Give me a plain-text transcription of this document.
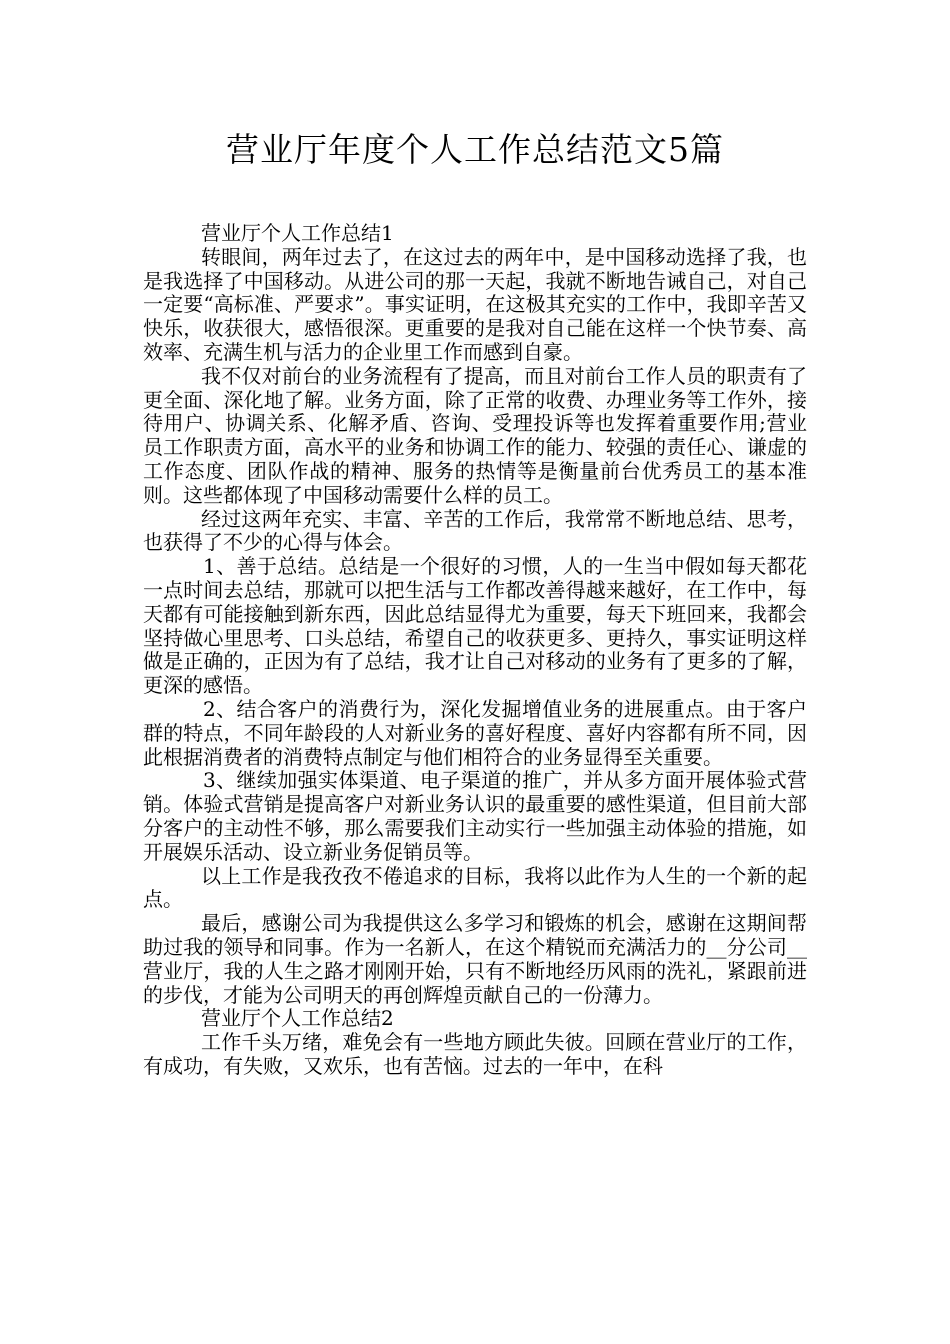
营业厅年度个人工作总结范文5篇

营业厅个人工作总结1

转眼间，两年过去了，在这过去的两年中，是中国移动选择了我，也是我选择了中国移动。从进公司的那一天起，我就不断地告诫自己，对自己一定要“高标准、严要求”。事实证明，在这极其充实的工作中，我即辛苦又快乐，收获很大，感悟很深。更重要的是我对自己能在这样一个快节奏、高效率、充满生机与活力的企业里工作而感到自豪。

我不仅对前台的业务流程有了提高，而且对前台工作人员的职责有了更全面、深化地了解。业务方面，除了正常的收费、办理业务等工作外，接待用户、协调关系、化解矛盾、咨询、受理投诉等也发挥着重要作用;营业员工作职责方面，高水平的业务和协调工作的能力、较强的责任心、谦虚的工作态度、团队作战的精神、服务的热情等是衡量前台优秀员工的基本准则。这些都体现了中国移动需要什么样的员工。

经过这两年充实、丰富、辛苦的工作后，我常常不断地总结、思考，也获得了不少的心得与体会。

1、善于总结。总结是一个很好的习惯，人的一生当中假如每天都花一点时间去总结，那就可以把生活与工作都改善得越来越好，在工作中，每天都有可能接触到新东西，因此总结显得尤为重要，每天下班回来，我都会坚持做心里思考、口头总结，希望自己的收获更多、更持久，事实证明这样做是正确的，正因为有了总结，我才让自己对移动的业务有了更多的了解，更深的感悟。

2、结合客户的消费行为，深化发掘增值业务的进展重点。由于客户群的特点，不同年龄段的人对新业务的喜好程度、喜好内容都有所不同，因此根据消费者的消费特点制定与他们相符合的业务显得至关重要。

3、继续加强实体渠道、电子渠道的推广，并从多方面开展体验式营销。体验式营销是提高客户对新业务认识的最重要的感性渠道，但目前大部分客户的主动性不够，那么需要我们主动实行一些加强主动体验的措施，如开展娱乐活动、设立新业务促销员等。

以上工作是我孜孜不倦追求的目标，我将以此作为人生的一个新的起点。

最后，感谢公司为我提供这么多学习和锻炼的机会，感谢在这期间帮助过我的领导和同事。作为一名新人，在这个精锐而充满活力的__分公司__营业厅，我的人生之路才刚刚开始，只有不断地经历风雨的洗礼，紧跟前进的步伐，才能为公司明天的再创辉煌贡献自己的一份薄力。

营业厅个人工作总结2

工作千头万绪，难免会有一些地方顾此失彼。回顾在营业厅的工作，有成功，有失败，又欢乐，也有苦恼。过去的一年中，在科
